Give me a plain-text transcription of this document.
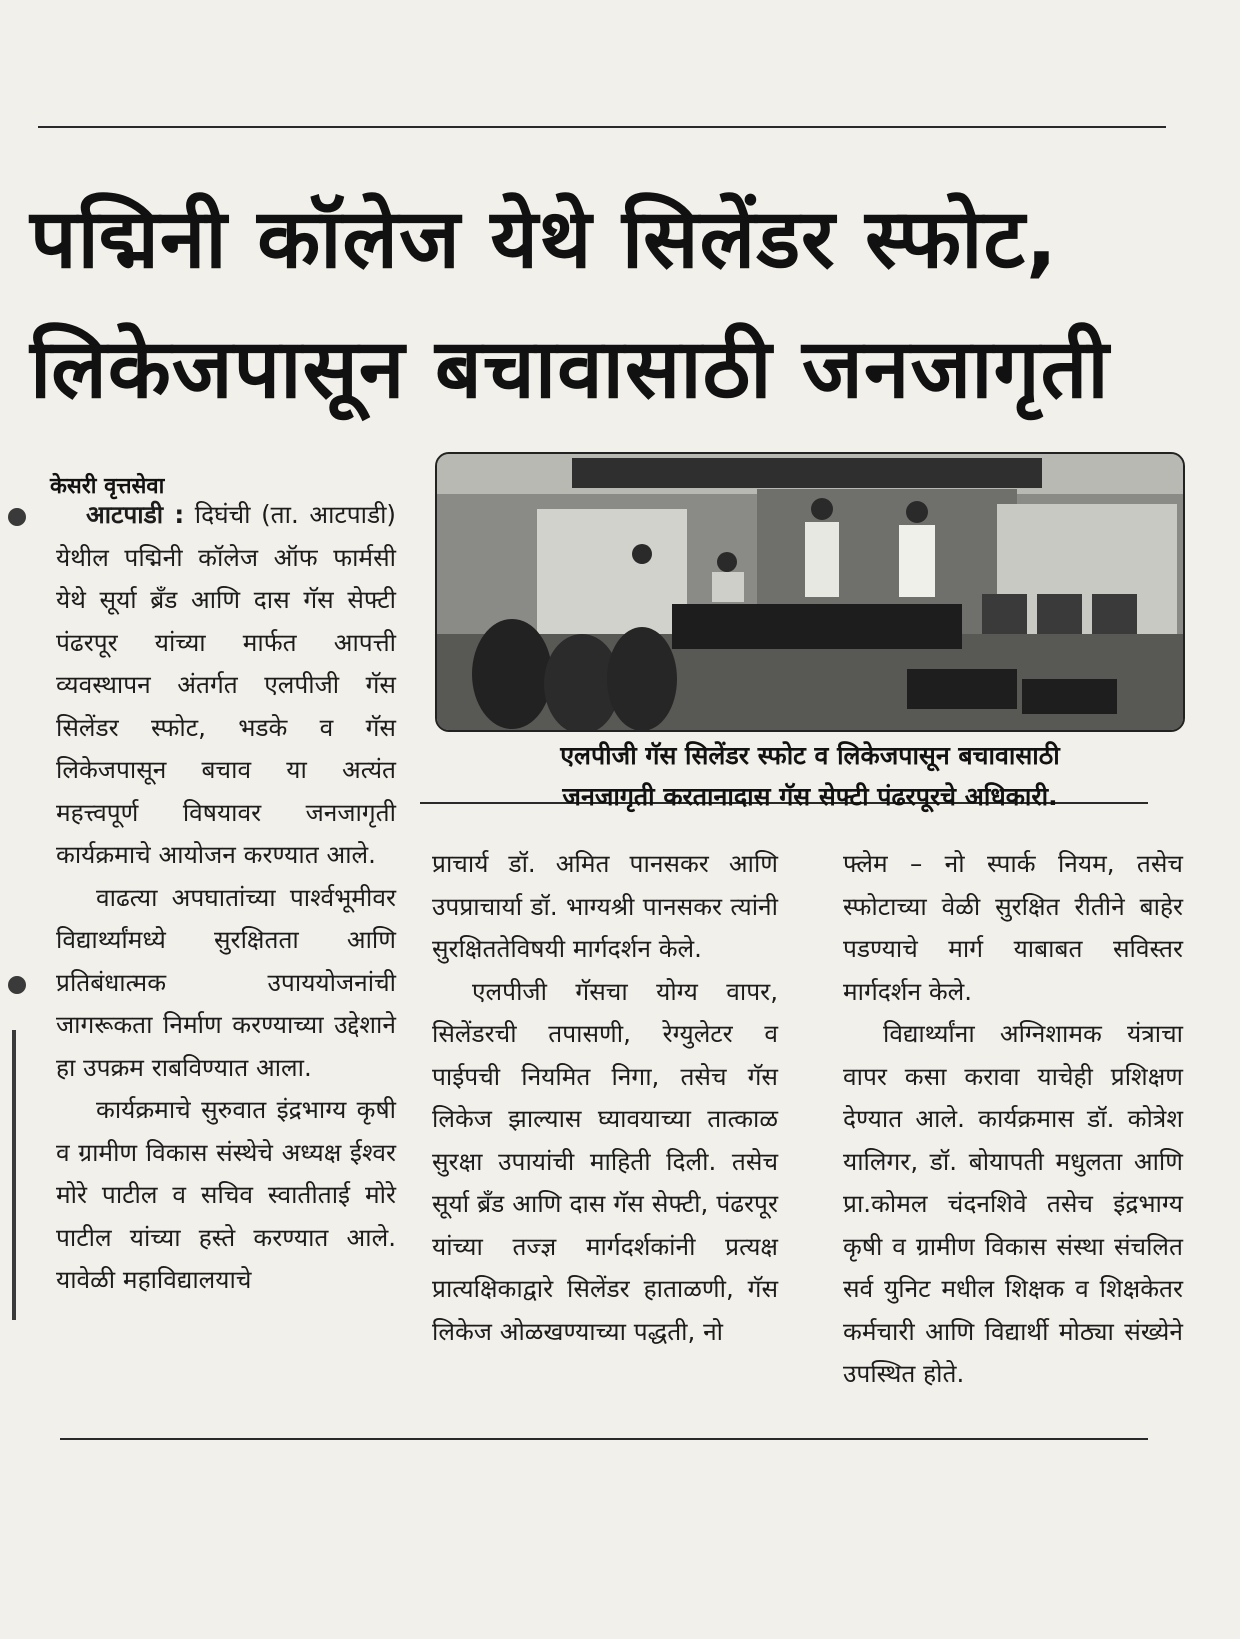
पद्मिनी कॉलेज येथे सिलेंडर स्फोट,
लिकेजपासून बचावासाठी जनजागृती
केसरी वृत्तसेवा

आटपाडी : दिघंची (ता. आटपाडी) येथील पद्मिनी कॉलेज ऑफ फार्मसी येथे सूर्या ब्रँड आणि दास गॅस सेफ्टी पंढरपूर यांच्या मार्फत आपत्ती व्यवस्थापन अंतर्गत एलपीजी गॅस सिलेंडर स्फोट, भडके व गॅस लिकेजपासून बचाव या अत्यंत महत्त्वपूर्ण विषयावर जनजागृती कार्यक्रमाचे आयोजन करण्यात आले.

वाढत्या अपघातांच्या पार्श्वभूमीवर विद्यार्थ्यांमध्ये सुरक्षितता आणि प्रतिबंधात्मक उपाययोजनांची जागरूकता निर्माण करण्याच्या उद्देशाने हा उपक्रम राबविण्यात आला.

कार्यक्रमाचे सुरुवात इंद्रभाग्य कृषी व ग्रामीण विकास संस्थेचे अध्यक्ष ईश्वर मोरे पाटील व सचिव स्वातीताई मोरे पाटील यांच्या हस्ते करण्यात आले. यावेळी महाविद्यालयाचे

एलपीजी गॅस सिलेंडर स्फोट व लिकेजपासून बचावासाठी
जनजागृती करतानादास गॅस सेफ्टी पंढरपूरचे अधिकारी.

प्राचार्य डॉ. अमित पानसकर आणि उपप्राचार्या डॉ. भाग्यश्री पानसकर त्यांनी सुरक्षिततेविषयी मार्गदर्शन केले.

एलपीजी गॅसचा योग्य वापर, सिलेंडरची तपासणी, रेग्युलेटर व पाईपची नियमित निगा, तसेच गॅस लिकेज झाल्यास घ्यावयाच्या तात्काळ सुरक्षा उपायांची माहिती दिली. तसेच सूर्या ब्रँड आणि दास गॅस सेफ्टी, पंढरपूर यांच्या तज्ज्ञ मार्गदर्शकांनी प्रत्यक्ष प्रात्यक्षिकाद्वारे सिलेंडर हाताळणी, गॅस लिकेज ओळखण्याच्या पद्धती, नो

फ्लेम – नो स्पार्क नियम, तसेच स्फोटाच्या वेळी सुरक्षित रीतीने बाहेर पडण्याचे मार्ग याबाबत सविस्तर मार्गदर्शन केले.

विद्यार्थ्यांना अग्निशामक यंत्राचा वापर कसा करावा याचेही प्रशिक्षण देण्यात आले. कार्यक्रमास डॉ. कोत्रेश यालिगर, डॉ. बोयापती मधुलता आणि प्रा.कोमल चंदनशिवे तसेच इंद्रभाग्य कृषी व ग्रामीण विकास संस्था संचलित सर्व युनिट मधील शिक्षक व शिक्षकेतर कर्मचारी आणि विद्यार्थी मोठ्या संख्येने उपस्थित होते.
